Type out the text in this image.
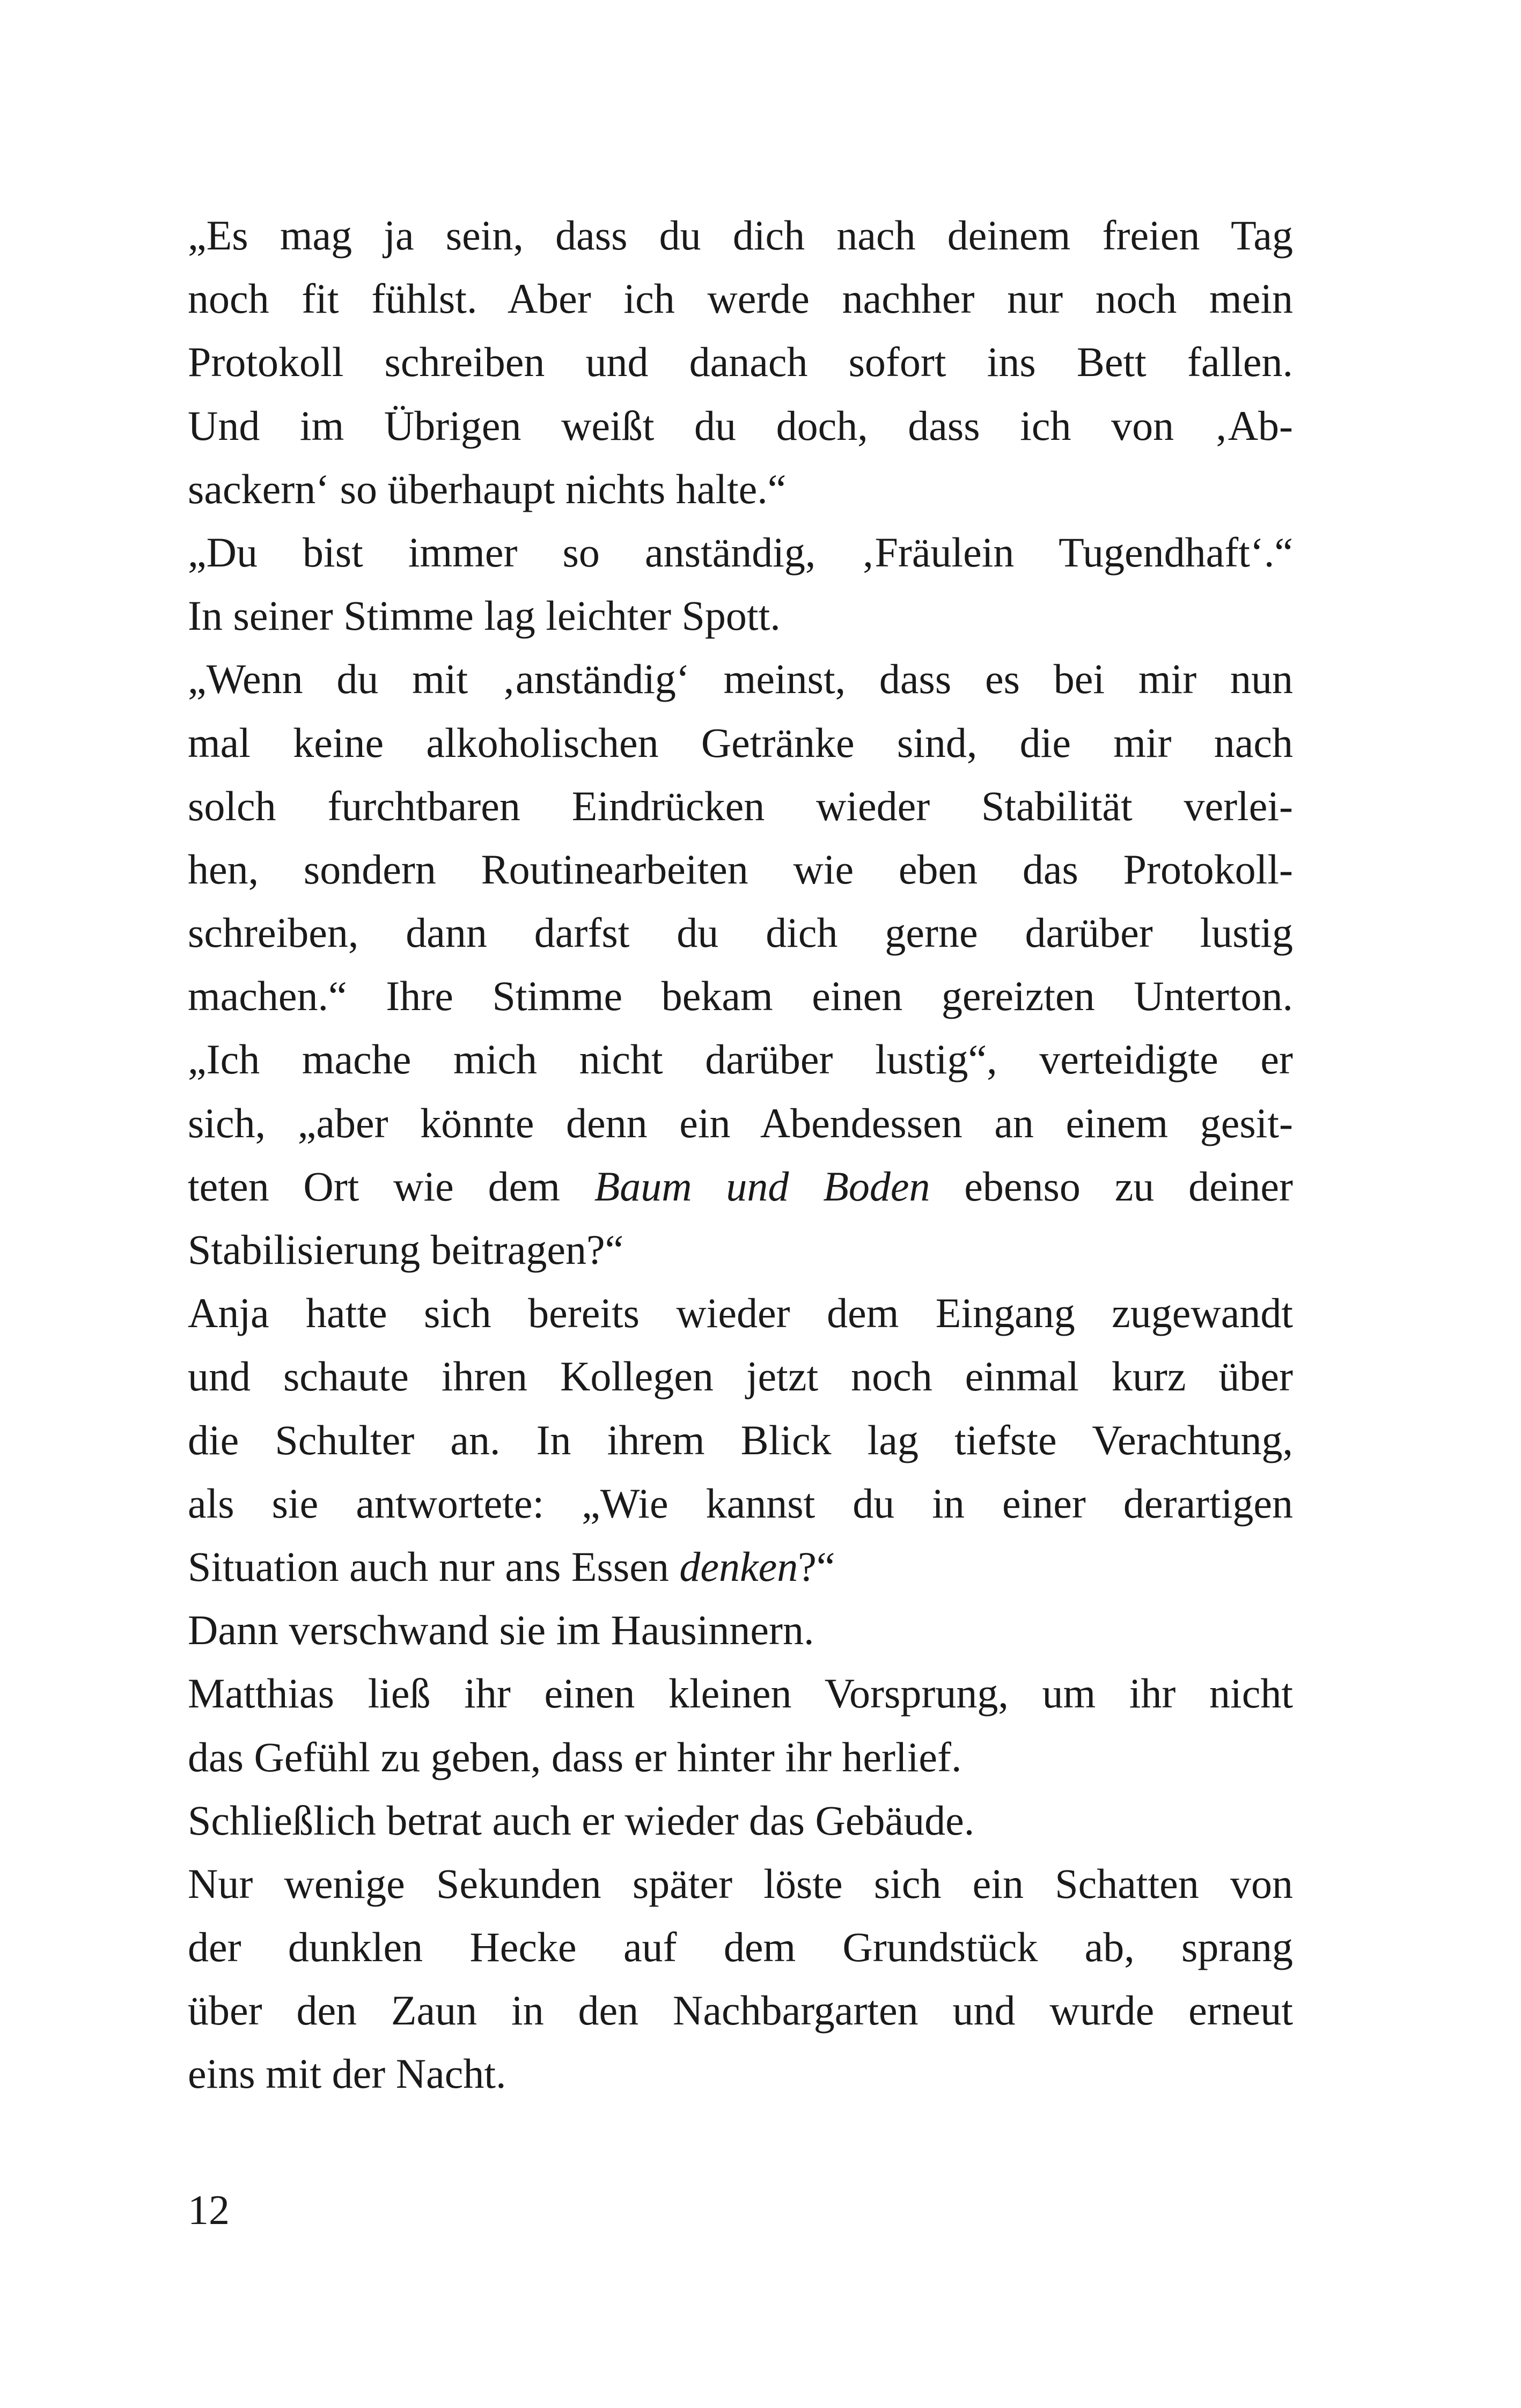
„Es mag ja sein, dass du dich nach deinem freien Tag
noch fit fühlst. Aber ich werde nachher nur noch mein
Protokoll schreiben und danach sofort ins Bett fallen.
Und im Übrigen weißt du doch, dass ich von ‚Ab-
sackern‘ so überhaupt nichts halte.“
„Du bist immer so anständig, ‚Fräulein Tugendhaft‘.“
In seiner Stimme lag leichter Spott.
„Wenn du mit ‚anständig‘ meinst, dass es bei mir nun
mal keine alkoholischen Getränke sind, die mir nach
solch furchtbaren Eindrücken wieder Stabilität verlei-
hen, sondern Routinearbeiten wie eben das Protokoll-
schreiben, dann darfst du dich gerne darüber lustig
machen.“ Ihre Stimme bekam einen gereizten Unterton.
„Ich mache mich nicht darüber lustig“, verteidigte er
sich, „aber könnte denn ein Abendessen an einem gesit-
teten Ort wie dem Baum und Boden ebenso zu deiner
Stabilisierung beitragen?“
Anja hatte sich bereits wieder dem Eingang zugewandt
und schaute ihren Kollegen jetzt noch einmal kurz über
die Schulter an. In ihrem Blick lag tiefste Verachtung,
als sie antwortete: „Wie kannst du in einer derartigen
Situation auch nur ans Essen denken?“
Dann verschwand sie im Hausinnern.
Matthias ließ ihr einen kleinen Vorsprung, um ihr nicht
das Gefühl zu geben, dass er hinter ihr herlief.
Schließlich betrat auch er wieder das Gebäude.
Nur wenige Sekunden später löste sich ein Schatten von
der dunklen Hecke auf dem Grundstück ab, sprang
über den Zaun in den Nachbargarten und wurde erneut
eins mit der Nacht.
12
